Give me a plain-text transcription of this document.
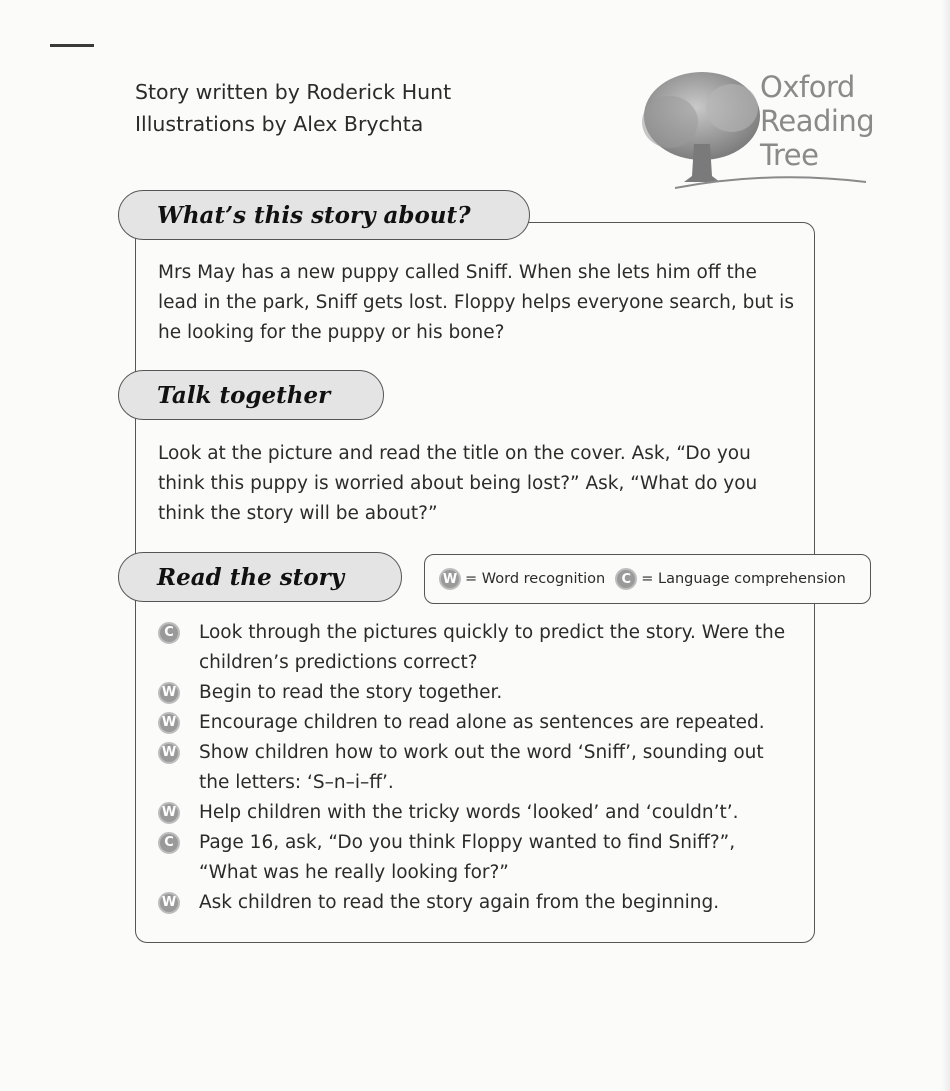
Story written by Roderick Hunt
Illustrations by Alex Brychta
Oxford
Reading
Tree
What’s this story about?
Mrs May has a new puppy called Sniff. When she lets him off the
lead in the park, Sniff gets lost. Floppy helps everyone search, but is
he looking for the puppy or his bone?
Talk together
Look at the picture and read the title on the cover. Ask, “Do you
think this puppy is worried about being lost?” Ask, “What do you
think the story will be about?”
Read the story	W = Word recognition	C = Language comprehension
C	Look through the pictures quickly to predict the story. Were the
children’s predictions correct?
W Begin to read the story together.
W Encourage children to read alone as sentences are repeated.
W Show children how to work out the word ‘Sniff’, sounding out
the letters: ‘S–n–i–ff’.
W Help children with the tricky words ‘looked’ and ‘couldn’t’.
C	Page 16, ask, “Do you think Floppy wanted to find Sniff?”,
“What was he really looking for?”
W Ask children to read the story again from the beginning.
